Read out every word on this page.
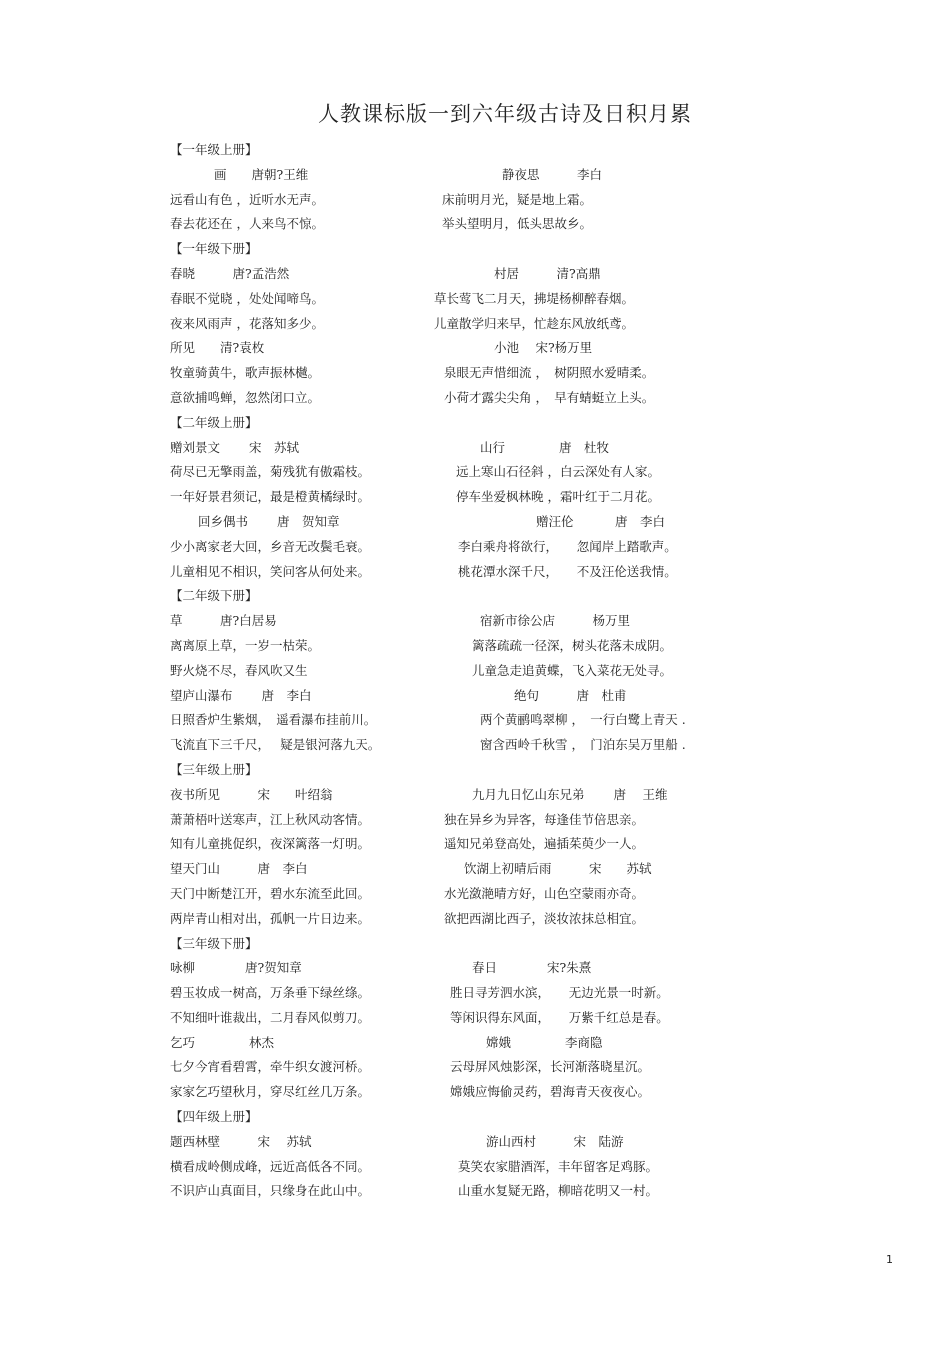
人教课标版一到六年级古诗及日积月累
【一年级上册】
画　　唐朝?王维	静夜思　　　李白
远看山有色 ，近听水无声。	床前明月光，疑是地上霜。
春去花还在 ，人来鸟不惊。	举头望明月，低头思故乡。
【一年级下册】
春晓　　　唐?孟浩然	村居　　　清?高鼎
春眠不觉晓 ，处处闻啼鸟。	草长莺飞二月天，拂堤杨柳醉春烟。
夜来风雨声 ，花落知多少。	儿童散学归来早，忙趁东风放纸鸢。
所见　　清?袁枚	小池　 宋?杨万里
牧童骑黄牛，歌声振林樾。	泉眼无声惜细流 ，　树阴照水爱晴柔。
意欲捕鸣蝉，忽然闭口立。	小荷才露尖尖角 ，　早有蜻蜓立上头。
【二年级上册】
赠刘景文　　 宋　苏轼	山行　　　　 唐　杜牧
荷尽已无擎雨盖，菊残犹有傲霜枝。	远上寒山石径斜 ，白云深处有人家。
一年好景君须记，最是橙黄橘绿时。	停车坐爱枫林晚 ，霜叶红于二月花。
回乡偶书　　 唐　贺知章	赠汪伦　　　 唐　李白
少小离家老大回，乡音无改鬓毛衰。	李白乘舟将欲行，　　忽闻岸上踏歌声。
儿童相见不相识，笑问客从何处来。	桃花潭水深千尺，　　不及汪伦送我情。
【二年级下册】
草　　　唐?白居易	宿新市徐公店　　　杨万里
离离原上草，一岁一枯荣。	篱落疏疏一径深，树头花落未成阴。
野火烧不尽，春风吹又生	儿童急走追黄蝶，飞入菜花无处寻。
望庐山瀑布　　 唐　李白	绝句　　　唐　杜甫
日照香炉生紫烟，　遥看瀑布挂前川。	两个黄鹂鸣翠柳 ，　一行白鹭上青天 .
飞流直下三千尺，　 疑是银河落九天。	窗含西岭千秋雪 ，　门泊东吴万里船 .
【三年级上册】
夜书所见　　　宋　　叶绍翁	九月九日忆山东兄弟　　 唐　 王维
萧萧梧叶送寒声，江上秋风动客情。	独在异乡为异客，每逢佳节倍思亲。
知有儿童挑促织，夜深篱落一灯明。	遥知兄弟登高处，遍插茱萸少一人。
望天门山　　　唐　李白	饮湖上初晴后雨　　　宋　　苏轼
天门中断楚江开，碧水东流至此回。	水光潋滟晴方好，山色空蒙雨亦奇。
两岸青山相对出，孤帆一片日边来。	欲把西湖比西子，淡妆浓抹总相宜。
【三年级下册】
咏柳　　　　唐?贺知章	春日　　　　宋?朱熹
碧玉妆成一树高，万条垂下绿丝绦。	胜日寻芳泗水滨，　　无边光景一时新。
不知细叶谁裁出，二月春风似剪刀。	等闲识得东风面，　　万紫千红总是春。
乞巧　　　　 林杰	嫦娥　　　　 李商隐
七夕今宵看碧霄，牵牛织女渡河桥。	云母屏风烛影深，长河渐落晓星沉。
家家乞巧望秋月，穿尽红丝几万条。	嫦娥应悔偷灵药，碧海青天夜夜心。
【四年级上册】
题西林壁　　　宋　 苏轼	游山西村　　　宋　陆游
横看成岭侧成峰，远近高低各不同。	莫笑农家腊酒浑，丰年留客足鸡豚。
不识庐山真面目，只缘身在此山中。	山重水复疑无路，柳暗花明又一村。
1
